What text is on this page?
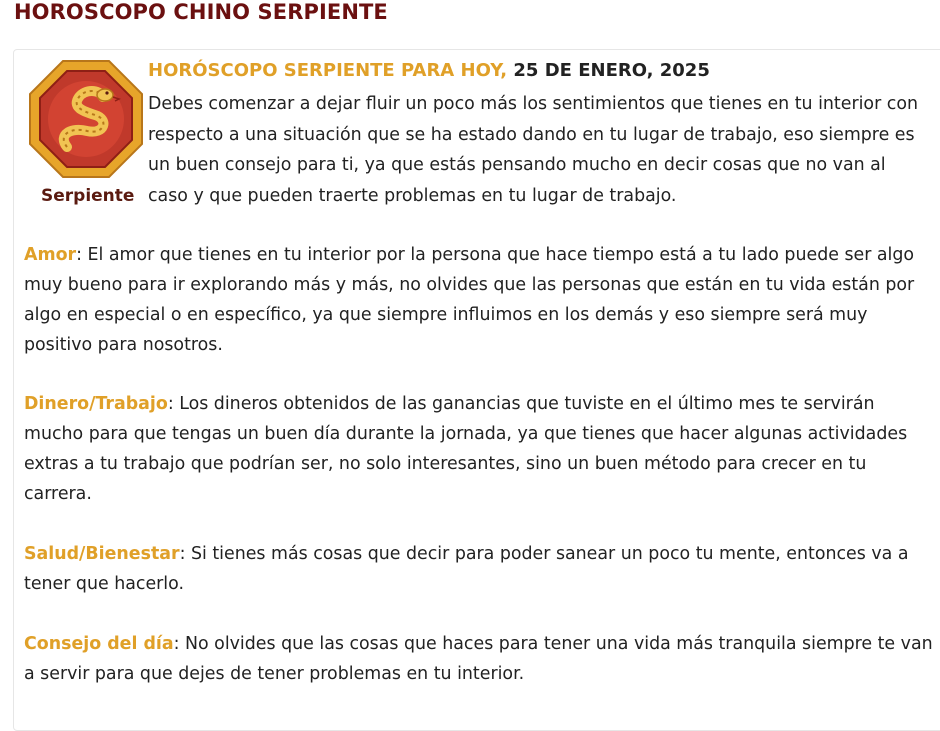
HOROSCOPO CHINO SERPIENTE
Serpiente
HORÓSCOPO SERPIENTE PARA HOY, 25 DE ENERO, 2025
Debes comenzar a dejar fluir un poco más los sentimientos que tienes en tu interior con respecto a una situación que se ha estado dando en tu lugar de trabajo, eso siempre es un buen consejo para ti, ya que estás pensando mucho en decir cosas que no van al caso y que pueden traerte problemas en tu lugar de trabajo.
Amor: El amor que tienes en tu interior por la persona que hace tiempo está a tu lado puede ser algo muy bueno para ir explorando más y más, no olvides que las personas que están en tu vida están por algo en especial o en específico, ya que siempre influimos en los demás y eso siempre será muy positivo para nosotros.
Dinero/Trabajo: Los dineros obtenidos de las ganancias que tuviste en el último mes te servirán mucho para que tengas un buen día durante la jornada, ya que tienes que hacer algunas actividades extras a tu trabajo que podrían ser, no solo interesantes, sino un buen método para crecer en tu carrera.
Salud/Bienestar: Si tienes más cosas que decir para poder sanear un poco tu mente, entonces va a tener que hacerlo.
Consejo del día: No olvides que las cosas que haces para tener una vida más tranquila siempre te van a servir para que dejes de tener problemas en tu interior.
